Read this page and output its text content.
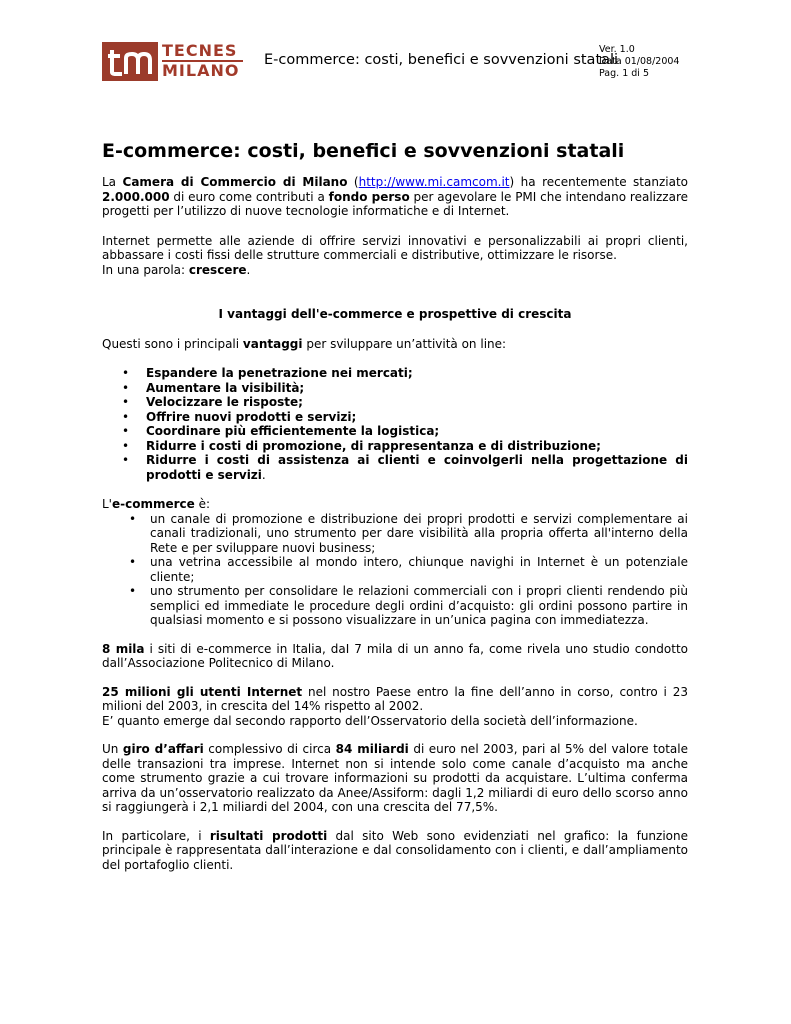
TECNES
MILANO
E-commerce: costi, benefici e sovvenzioni statali
Ver. 1.0
Data 01/08/2004
Pag. 1 di 5
E-commerce: costi, benefici e sovvenzioni statali

La Camera di Commercio di Milano (http://www.mi.camcom.it) ha recentemente stanziato 2.000.000 di euro come contributi a fondo perso per agevolare le PMI che intendano realizzare progetti per l’utilizzo di nuove tecnologie informatiche e di Internet.

Internet permette alle aziende di offrire servizi innovativi e personalizzabili ai propri clienti, abbassare i costi fissi delle strutture commerciali e distributive, ottimizzare le risorse.
In una parola: crescere.

I vantaggi dell'e-commerce e prospettive di crescita

Questi sono i principali vantaggi per sviluppare un’attività on line:

• Espandere la penetrazione nei mercati;
• Aumentare la visibilità;
• Velocizzare le risposte;
• Offrire nuovi prodotti e servizi;
• Coordinare più efficientemente la logistica;
• Ridurre i costi di promozione, di rappresentanza e di distribuzione;
• Ridurre i costi di assistenza ai clienti e coinvolgerli nella progettazione di prodotti e servizi.

L'e-commerce è:

• un canale di promozione e distribuzione dei propri prodotti e servizi complementare ai canali tradizionali, uno strumento per dare visibilità alla propria offerta all'interno della Rete e per sviluppare nuovi business;
• una vetrina accessibile al mondo intero, chiunque navighi in Internet è un potenziale cliente;
• uno strumento per consolidare le relazioni commerciali con i propri clienti rendendo più semplici ed immediate le procedure degli ordini d’acquisto: gli ordini possono partire in qualsiasi momento e si possono visualizzare in un’unica pagina con immediatezza.

8 mila i siti di e-commerce in Italia, daI 7 mila di un anno fa, come rivela uno studio condotto dall’Associazione Politecnico di Milano.

25 milioni gli utenti Internet nel nostro Paese entro la fine dell’anno in corso, contro i 23 milioni del 2003, in crescita del 14% rispetto al 2002.
E’ quanto emerge dal secondo rapporto dell’Osservatorio della società dell’informazione.

Un giro d’affari complessivo di circa 84 miliardi di euro nel 2003, pari al 5% del valore totale delle transazioni tra imprese. Internet non si intende solo come canale d’acquisto ma anche come strumento grazie a cui trovare informazioni su prodotti da acquistare. L’ultima conferma arriva da un’osservatorio realizzato da Anee/Assiform: dagli 1,2 miliardi di euro dello scorso anno si raggiungerà i 2,1 miliardi del 2004, con una crescita del 77,5%.

In particolare, i risultati prodotti dal sito Web sono evidenziati nel grafico: la funzione principale è rappresentata dall’interazione e dal consolidamento con i clienti, e dall’ampliamento del portafoglio clienti.
